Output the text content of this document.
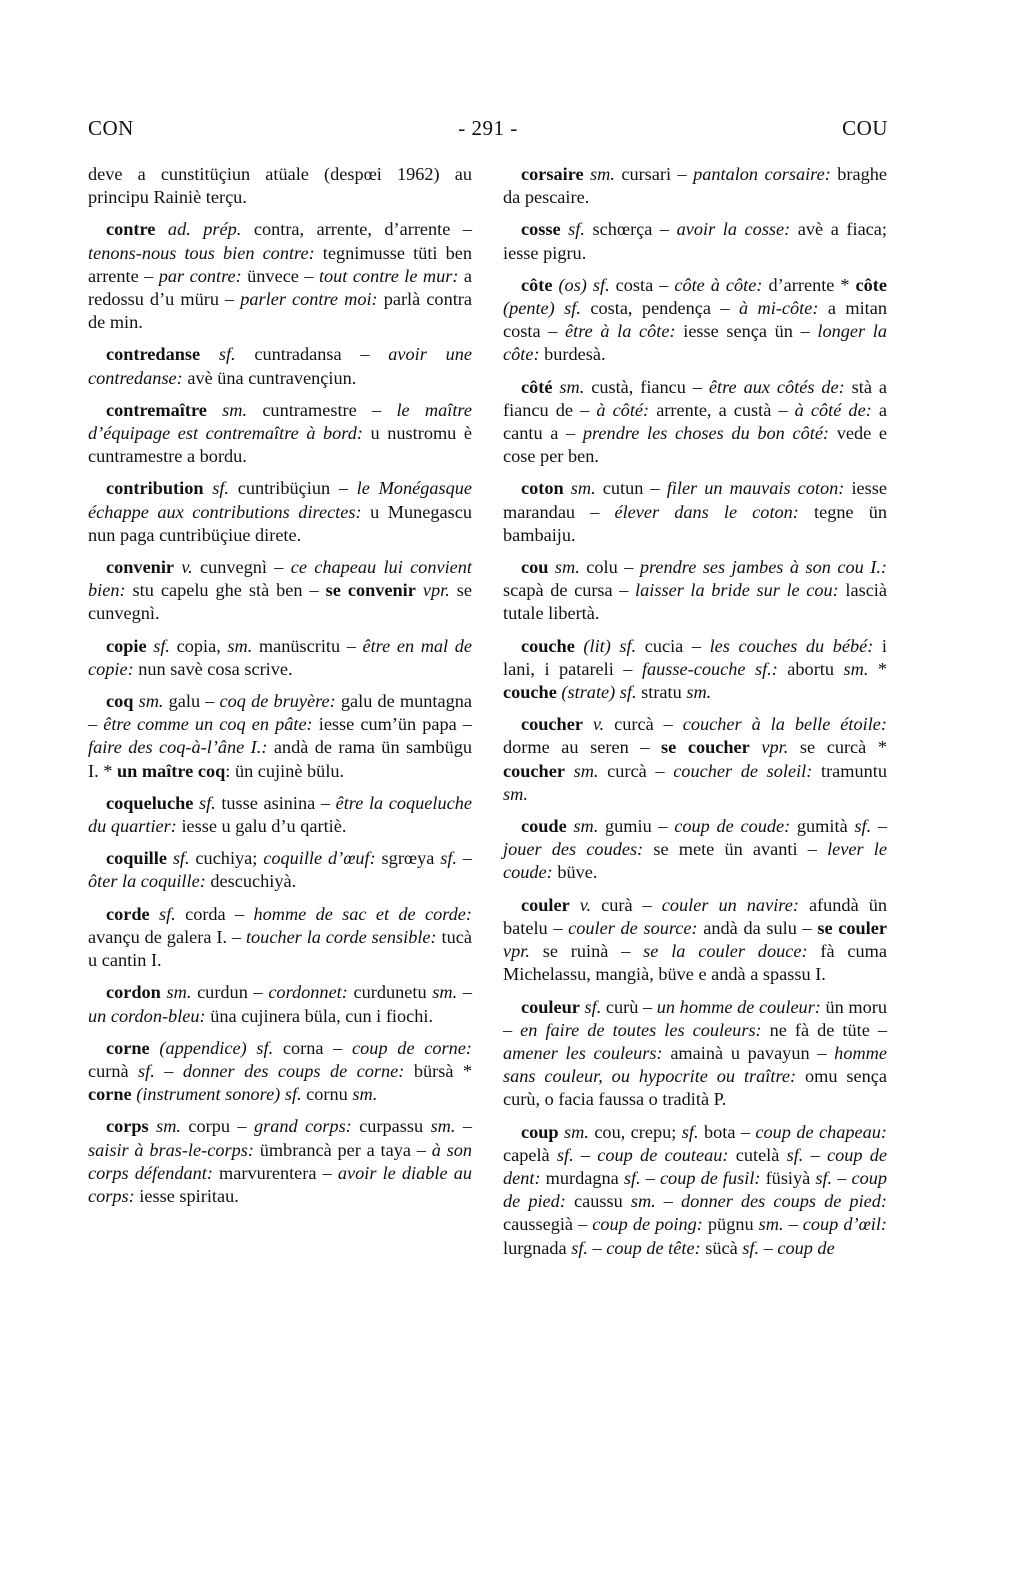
- 291 -
CON	COU

deve a cunstitüçiun atüale (despœi 1962) au principu Rainiè terçu.

contre ad. prép. contra, arrente, d’arrente – tenons-nous tous bien contre: tegnimusse tüti ben arrente – par contre: ünvece – tout contre le mur: a redossu d’u müru – parler contre moi: parlà contra de min.

contredanse sf. cuntradansa – avoir une contredanse: avè üna cuntravençiun.

contremaître sm. cuntramestre – le maître d’équipage est contremaître à bord: u nustromu è cuntramestre a bordu.

contribution sf. cuntribüçiun – le Monégasque échappe aux contributions directes: u Munegascu nun paga cuntribüçiue direte.

convenir v. cunvegnì – ce chapeau lui convient bien: stu capelu ghe stà ben – se convenir vpr. se cunvegnì.

copie sf. copia, sm. manüscritu – être en mal de copie: nun savè cosa scrive.

coq sm. galu – coq de bruyère: galu de muntagna – être comme un coq en pâte: iesse cum’ün papa – faire des coq-à-l’âne I.: andà de rama ün sambügu I. * un maître coq: ün cujinè bülu.

coqueluche sf. tusse asinina – être la coqueluche du quartier: iesse u galu d’u qartiè.

coquille sf. cuchiya; coquille d’œuf: sgrœya sf. – ôter la coquille: descuchiyà.

corde sf. corda – homme de sac et de corde: avançu de galera I. – toucher la corde sensible: tucà u cantin I.

cordon sm. curdun – cordonnet: curdunetu sm. – un cordon-bleu: üna cujinera büla, cun i fiochi.

corne (appendice) sf. corna – coup de corne: curnà sf. – donner des coups de corne: bürsà * corne (instrument sonore) sf. cornu sm.

corps sm. corpu – grand corps: curpassu sm. – saisir à bras-le-corps: ümbrancà per a taya – à son corps défendant: marvurentera – avoir le diable au corps: iesse spiritau.

corsaire sm. cursari – pantalon corsaire: braghe da pescaire.

cosse sf. schœrça – avoir la cosse: avè a fiaca; iesse pigru.

côte (os) sf. costa – côte à côte: d’arrente * côte (pente) sf. costa, pendença – à mi-côte: a mitan costa – être à la côte: iesse sença ün – longer la côte: burdesà.

côté sm. custà, fiancu – être aux côtés de: stà a fiancu de – à côté: arrente, a custà – à côté de: a cantu a – prendre les choses du bon côté: vede e cose per ben.

coton sm. cutun – filer un mauvais coton: iesse marandau – élever dans le coton: tegne ün bambaiju.

cou sm. colu – prendre ses jambes à son cou I.: scapà de cursa – laisser la bride sur le cou: lascià tutale libertà.

couche (lit) sf. cucia – les couches du bébé: i lani, i patareli – fausse-couche sf.: abortu sm. * couche (strate) sf. stratu sm.

coucher v. curcà – coucher à la belle étoile: dorme au seren – se coucher vpr. se curcà * coucher sm. curcà – coucher de soleil: tramuntu sm.

coude sm. gumiu – coup de coude: gumità sf. – jouer des coudes: se mete ün avanti – lever le coude: büve.

couler v. curà – couler un navire: afundà ün batelu – couler de source: andà da sulu – se couler vpr. se ruinà – se la couler douce: fà cuma Michelassu, mangià, büve e andà a spassu I.

couleur sf. curù – un homme de couleur: ün moru – en faire de toutes les couleurs: ne fà de tüte – amener les couleurs: amainà u pavayun – homme sans couleur, ou hypocrite ou traître: omu sença curù, o facia faussa o tradità P.

coup sm. cou, crepu; sf. bota – coup de chapeau: capelà sf. – coup de couteau: cutelà sf. – coup de dent: murdagna sf. – coup de fusil: füsiyà sf. – coup de pied: caussu sm. – donner des coups de pied: caussegià – coup de poing: pügnu sm. – coup d’œil: lurgnada sf. – coup de tête: sücà sf. – coup de
